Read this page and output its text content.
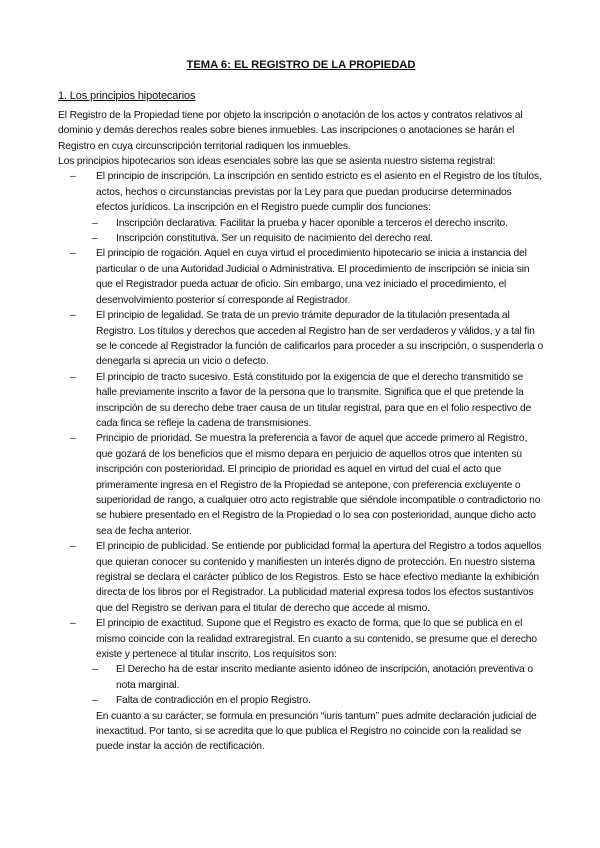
TEMA 6: EL REGISTRO DE LA PROPIEDAD
1. Los principios hipotecarios

El Registro de la Propiedad tiene por objeto la inscripción o anotación de los actos y contratos relativos al dominio y demás derechos reales sobre bienes inmuebles. Las inscripciones o anotaciones se harán el Registro en cuya circunscripción territorial radiquen los inmuebles.

Los principios hipotecarios son ideas esenciales sobre las que se asienta nuestro sistema registral:

– El principio de inscripción. La inscripción en sentido estricto es el asiento en el Registro de los títulos, actos, hechos o circunstancias previstas por la Ley para que puedan producirse determinados efectos jurídicos. La inscripción en el Registro puede cumplir dos funciones:
– Inscripción declarativa. Facilitar la prueba y hacer oponible a terceros el derecho inscrito.
– Inscripción constitutiva. Ser un requisito de nacimiento del derecho real.
– El principio de rogación. Aquel en cuya virtud el procedimiento hipotecario se inicia a instancia del particular o de una Autoridad Judicial o Administrativa. El procedimiento de inscripción se inicia sin que el Registrador pueda actuar de oficio. Sin embargo, una vez iniciado el procedimiento, el desenvolvimiento posterior sí corresponde al Registrador.
– El principio de legalidad. Se trata de un previo trámite depurador de la titulación presentada al Registro. Los títulos y derechos que acceden al Registro han de ser verdaderos y válidos, y a tal fin se le concede al Registrador la función de calificarlos para proceder a su inscripción, o suspenderla o denegarla si aprecia un vicio o defecto.
– El principio de tracto sucesivo. Está constituido por la exigencia de que el derecho transmitido se halle previamente inscrito a favor de la persona que lo transmite. Significa que el que pretende la inscripción de su derecho debe traer causa de un titular registral, para que en el folio respectivo de cada finca se refleje la cadena de transmisiones.
– Principio de prioridad. Se muestra la preferencia a favor de aquel que accede primero al Registro, que gozará de los beneficios que el mismo depara en perjuicio de aquellos otros que intenten su inscripción con posterioridad. El principio de prioridad es aquel en virtud del cual el acto que primeramente ingresa en el Registro de la Propiedad se antepone, con preferencia excluyente o superioridad de rango, a cualquier otro acto registrable que siéndole incompatible o contradictorio no se hubiere presentado en el Registro de la Propiedad o lo sea con posterioridad, aunque dicho acto sea de fecha anterior.
– El principio de publicidad. Se entiende por publicidad formal la apertura del Registro a todos aquellos que quieran conocer su contenido y manifiesten un interés digno de protección. En nuestro sistema registral se declara el carácter público de los Registros. Esto se hace efectivo mediante la exhibición directa de los libros por el Registrador. La publicidad material expresa todos los efectos sustantivos que del Registro se derivan para el titular de derecho que accede al mismo.
– El principio de exactitud. Supone que el Registro es exacto de forma, que lo que se publica en el mismo coincide con la realidad extraregistral. En cuanto a su contenido, se presume que el derecho existe y pertenece al titular inscrito. Los requisitos son:
– El Derecho ha de estar inscrito mediante asiento idóneo de inscripción, anotación preventiva o nota marginal.
– Falta de contradicción en el propio Registro.
En cuanto a su carácter, se formula en presunción “iuris tantum” pues admite declaración judicial de inexactitud. Por tanto, si se acredita que lo que publica el Registro no coincide con la realidad se puede instar la acción de rectificación.
